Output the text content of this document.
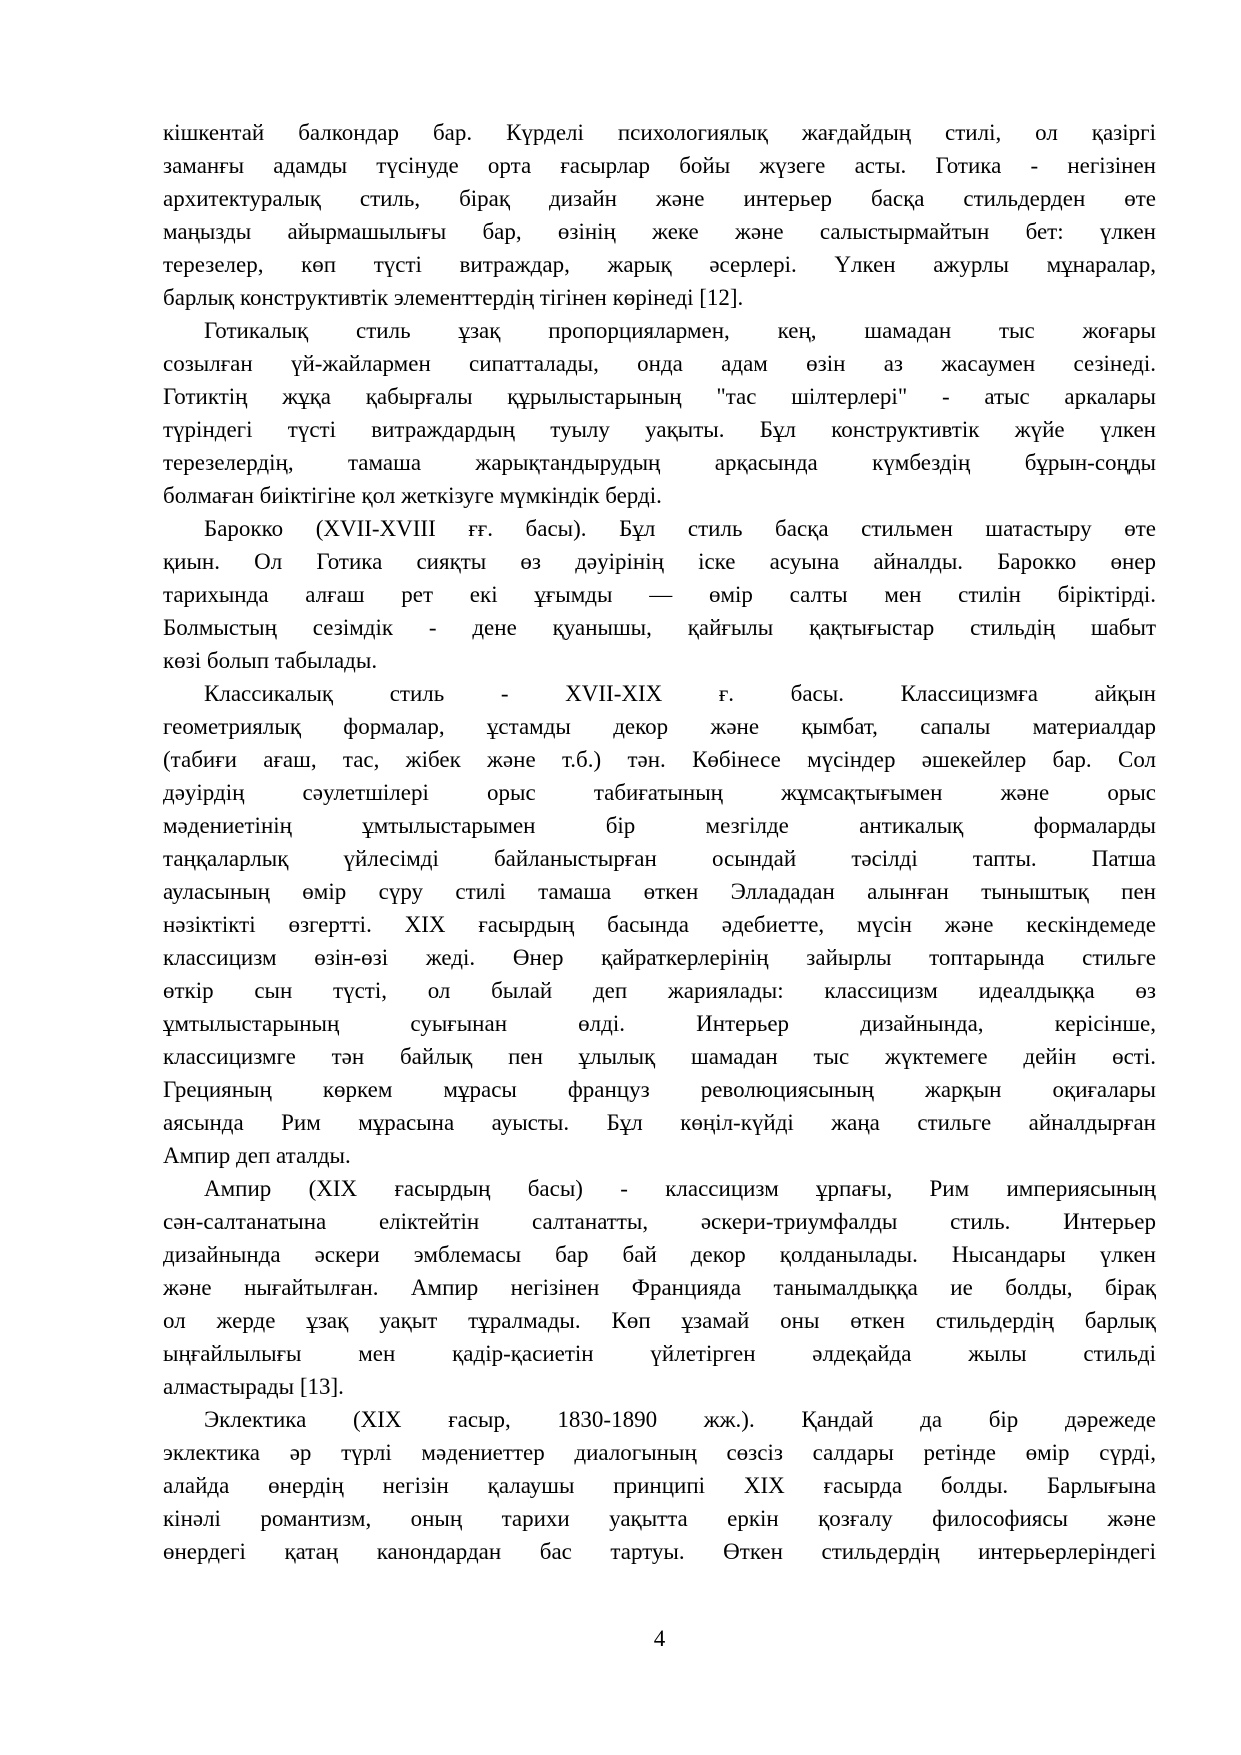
кішкентай балкондар бар. Күрделі психологиялық жағдайдың стилі, ол қазіргі
заманғы адамды түсінуде орта ғасырлар бойы жүзеге асты. Готика - негізінен
архитектуралық стиль, бірақ дизайн және интерьер басқа стильдерден өте
маңызды айырмашылығы бар, өзінің жеке және салыстырмайтын бет: үлкен
терезелер, көп түсті витраждар, жарық әсерлері. Үлкен ажурлы мұнаралар,
барлық конструктивтік элементтердің тігінен көрінеді [12].
Готикалық стиль ұзақ пропорциялармен, кең, шамадан тыс жоғары
созылған үй-жайлармен сипатталады, онда адам өзін аз жасаумен сезінеді.
Готиктің жұқа қабырғалы құрылыстарының "тас шілтерлері" - атыс аркалары
түріндегі түсті витраждардың туылу уақыты. Бұл конструктивтік жүйе үлкен
терезелердің, тамаша жарықтандырудың арқасында күмбездің бұрын-соңды
болмаған биіктігіне қол жеткізуге мүмкіндік берді.
Барокко (XVII-XVIII ғғ. басы). Бұл стиль басқа стильмен шатастыру өте
қиын. Ол Готика сияқты өз дәуірінің іске асуына айналды. Барокко өнер
тарихында алғаш рет екі ұғымды — өмір салты мен стилін біріктірді.
Болмыстың сезімдік - дене қуанышы, қайғылы қақтығыстар стильдің шабыт
көзі болып табылады.
Классикалық стиль - XVII-XIX ғ. басы. Классицизмға айқын
геометриялық формалар, ұстамды декор және қымбат, сапалы материалдар
(табиғи ағаш, тас, жібек және т.б.) тән. Көбінесе мүсіндер әшекейлер бар. Сол
дәуірдің сәулетшілері орыс табиғатының жұмсақтығымен және орыс
мәдениетінің ұмтылыстарымен бір мезгілде антикалық формаларды
таңқаларлық үйлесімді байланыстырған осындай тәсілді тапты. Патша
ауласының өмір сүру стилі тамаша өткен Эллададан алынған тыныштық пен
нәзіктікті өзгертті. XIX ғасырдың басында әдебиетте, мүсін және кескіндемеде
классицизм өзін-өзі жеді. Өнер қайраткерлерінің зайырлы топтарында стильге
өткір сын түсті, ол былай деп жариялады: классицизм идеалдыққа өз
ұмтылыстарының суығынан өлді. Интерьер дизайнында, керісінше,
классицизмге тән байлық пен ұлылық шамадан тыс жүктемеге дейін өсті.
Грецияның көркем мұрасы француз революциясының жарқын оқиғалары
аясында Рим мұрасына ауысты. Бұл көңіл-күйді жаңа стильге айналдырған
Ампир деп аталды.
Ампир (XIX ғасырдың басы) - классицизм ұрпағы, Рим империясының
сән-салтанатына еліктейтін салтанатты, әскери-триумфалды стиль. Интерьер
дизайнында әскери эмблемасы бар бай декор қолданылады. Нысандары үлкен
және нығайтылған. Ампир негізінен Францияда танымалдыққа ие болды, бірақ
ол жерде ұзақ уақыт тұралмады. Көп ұзамай оны өткен стильдердің барлық
ыңғайлылығы мен қадір-қасиетін үйлетірген әлдеқайда жылы стильді
алмастырады [13].
Эклектика (XIX ғасыр, 1830-1890 жж.). Қандай да бір дәрежеде
эклектика әр түрлі мәдениеттер диалогының сөзсіз салдары ретінде өмір сүрді,
алайда өнердің негізін қалаушы принципі XIX ғасырда болды. Барлығына
кінәлі романтизм, оның тарихи уақытта еркін қозғалу философиясы және
өнердегі қатаң канондардан бас тартуы. Өткен стильдердің интерьерлеріндегі
4
